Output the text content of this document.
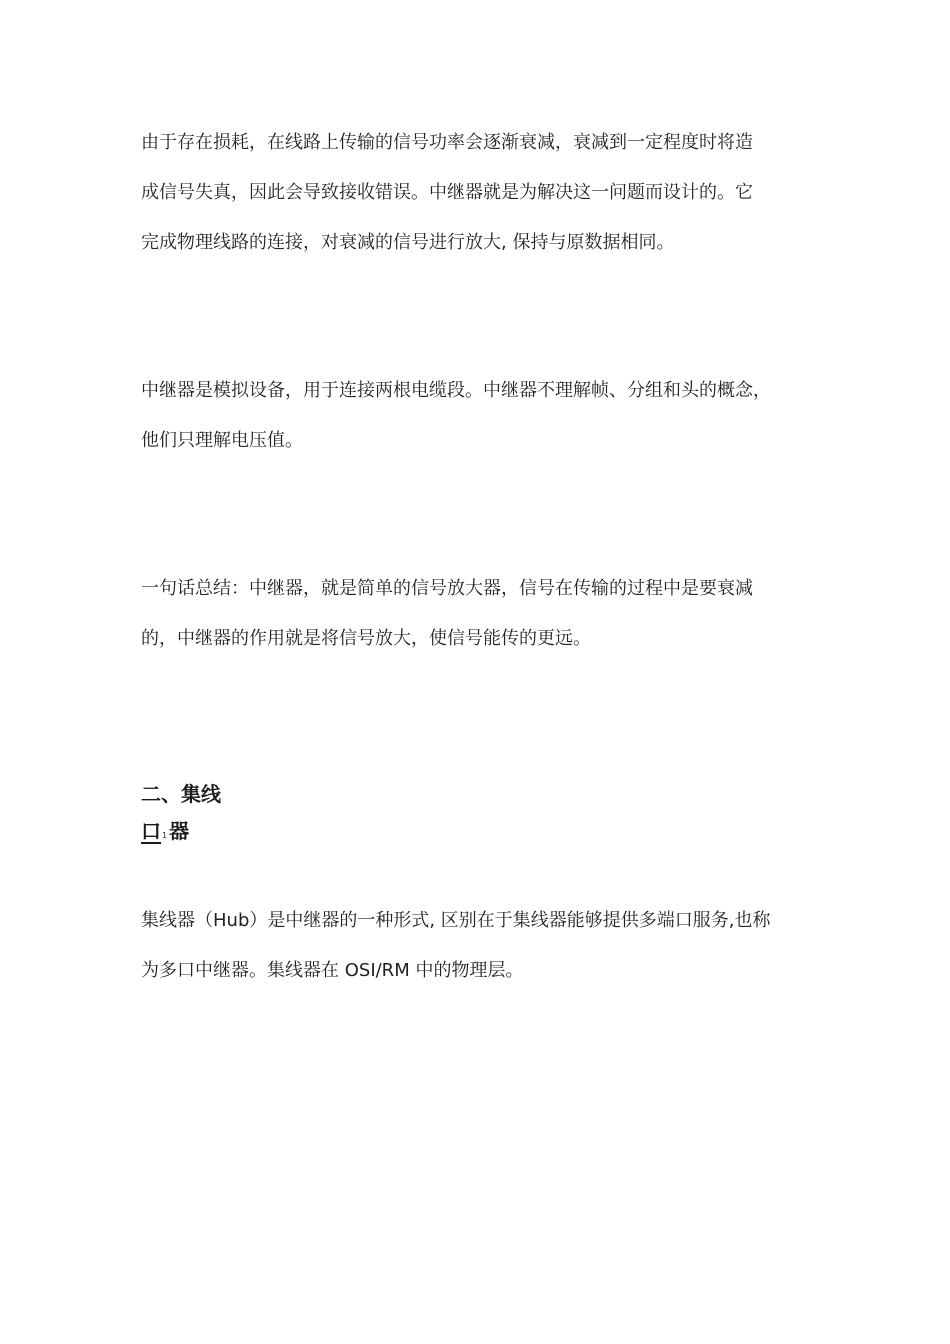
由于存在损耗，在线路上传输的信号功率会逐渐衰减，衰减到一定程度时将造
成信号失真，因此会导致接收错误。中继器就是为解决这一问题而设计的。它
完成物理线路的连接，对衰减的信号进行放大, 保持与原数据相同。
中继器是模拟设备，用于连接两根电缆段。中继器不理解帧、分组和头的概念，
他们只理解电压值。
一句话总结：中继器，就是简单的信号放大器，信号在传输的过程中是要衰减
的，中继器的作用就是将信号放大，使信号能传的更远。
二、集线
口1 器
集线器（Hub）是中继器的一种形式, 区别在于集线器能够提供多端口服务,也称
为多口中继器。集线器在 OSI/RM 中的物理层。
